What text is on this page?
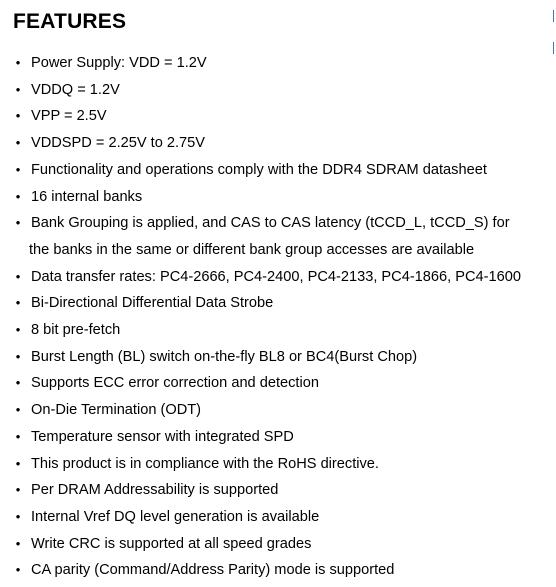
FEATURES
• Power Supply: VDD = 1.2V
• VDDQ = 1.2V
• VPP = 2.5V
• VDDSPD = 2.25V to 2.75V
• Functionality and operations comply with the DDR4 SDRAM datasheet
• 16 internal banks
• Bank Grouping is applied, and CAS to CAS latency (tCCD_L, tCCD_S) for
the banks in the same or different bank group accesses are available
• Data transfer rates: PC4-2666, PC4-2400, PC4-2133, PC4-1866, PC4-1600
• Bi-Directional Differential Data Strobe
• 8 bit pre-fetch
• Burst Length (BL) switch on-the-fly BL8 or BC4(Burst Chop)
• Supports ECC error correction and detection
• On-Die Termination (ODT)
• Temperature sensor with integrated SPD
• This product is in compliance with the RoHS directive.
• Per DRAM Addressability is supported
• Internal Vref DQ level generation is available
• Write CRC is supported at all speed grades
• CA parity (Command/Address Parity) mode is supported
